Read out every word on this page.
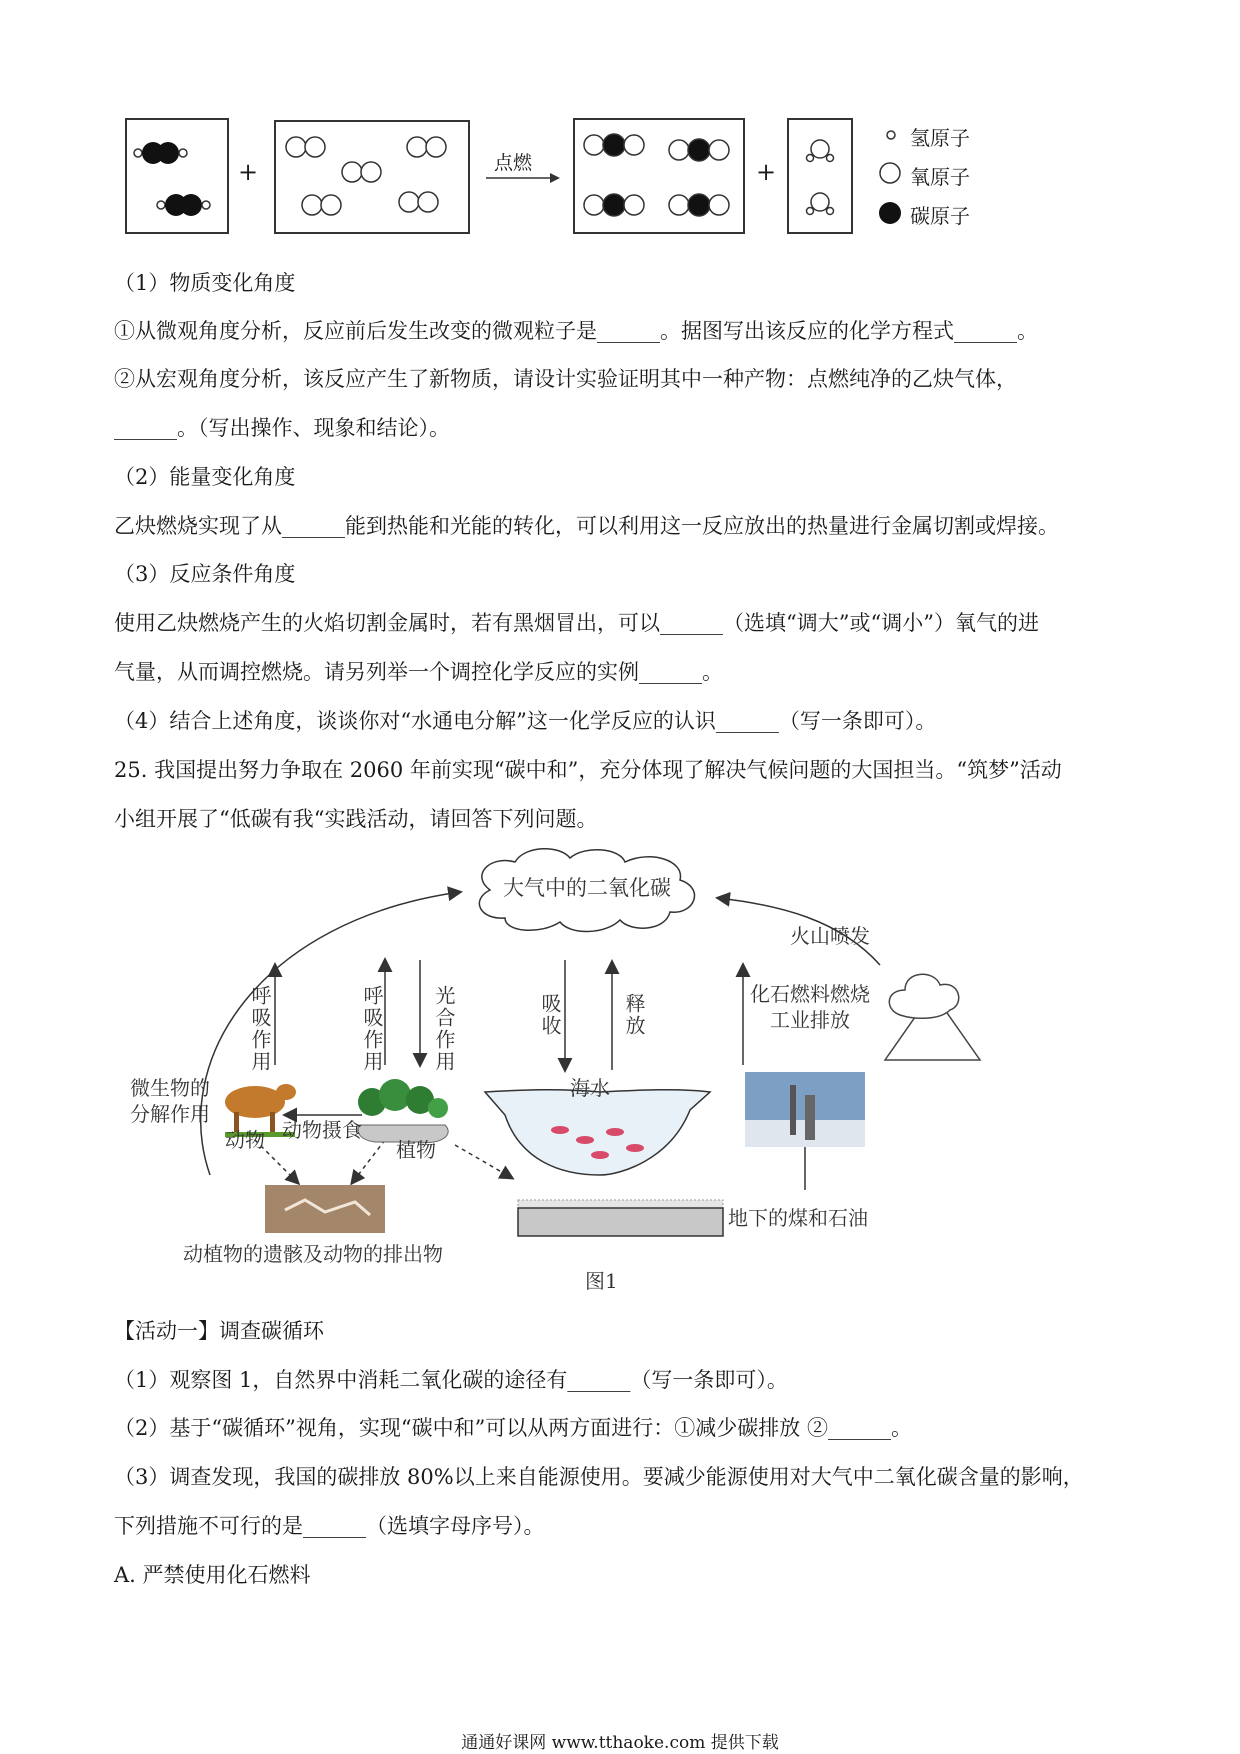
+	点燃	+
氢原子
氧原子
碳原子
（1）物质变化角度
①从微观角度分析，反应前后发生改变的微观粒子是______。据图写出该反应的化学方程式______。
②从宏观角度分析，该反应产生了新物质，请设计实验证明其中一种产物：点燃纯净的乙炔气体，
______。（写出操作、现象和结论）。
（2）能量变化角度
乙炔燃烧实现了从______能到热能和光能的转化，可以利用这一反应放出的热量进行金属切割或焊接。
（3）反应条件角度
使用乙炔燃烧产生的火焰切割金属时，若有黑烟冒出，可以______（选填“调大”或“调小”）氧气的进
气量，从而调控燃烧。请另列举一个调控化学反应的实例______。
（4）结合上述角度，谈谈你对“水通电分解”这一化学反应的认识______（写一条即可）。
25. 我国提出努力争取在 2060 年前实现“碳中和”，充分体现了解决气候问题的大国担当。“筑梦”活动
小组开展了“低碳有我“实践活动，请回答下列问题。
大气中的二氧化碳
火山喷发
化石燃料燃烧
工业排放
呼吸作用	呼吸作用 光合作用	吸收	释放
海水
微生物的
分解作用
动物 动物摄食
植物
动植物的遗骸及动物的排出物
地下的煤和石油
图1
【活动一】调查碳循环
（1）观察图 1，自然界中消耗二氧化碳的途径有______（写一条即可）。
（2）基于“碳循环”视角，实现“碳中和”可以从两方面进行：①减少碳排放 ②______。
（3）调查发现，我国的碳排放 80%以上来自能源使用。要减少能源使用对大气中二氧化碳含量的影响，
下列措施不可行的是______（选填字母序号）。
A. 严禁使用化石燃料
通通好课网 www.tthaoke.com 提供下载
